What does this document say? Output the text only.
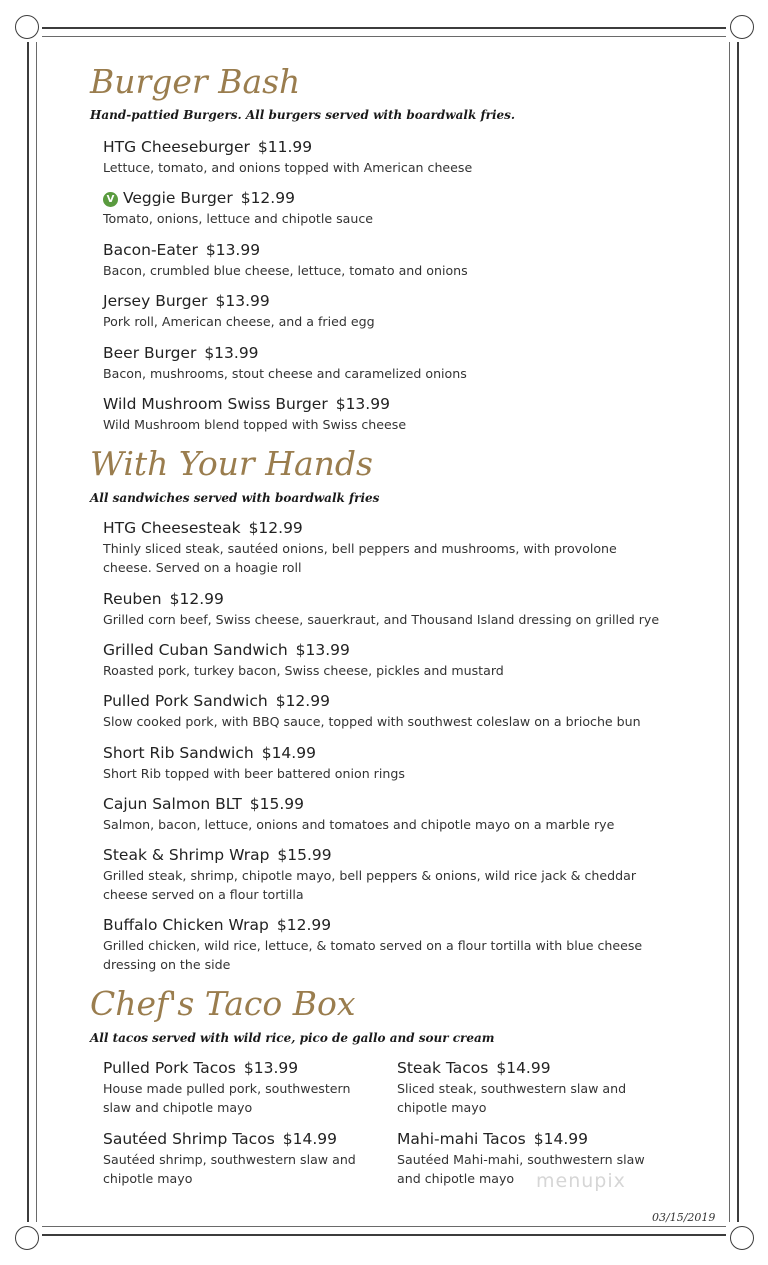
Burger Bash
Hand-pattied Burgers. All burgers served with boardwalk fries.
HTG Cheeseburger $11.99
Lettuce, tomato, and onions topped with American cheese
V Veggie Burger $12.99
Tomato, onions, lettuce and chipotle sauce
Bacon-Eater $13.99
Bacon, crumbled blue cheese, lettuce, tomato and onions
Jersey Burger $13.99
Pork roll, American cheese, and a fried egg
Beer Burger $13.99
Bacon, mushrooms, stout cheese and caramelized onions
Wild Mushroom Swiss Burger $13.99
Wild Mushroom blend topped with Swiss cheese
With Your Hands
All sandwiches served with boardwalk fries
HTG Cheesesteak $12.99
Thinly sliced steak, sautéed onions, bell peppers and mushrooms, with provolone
cheese. Served on a hoagie roll
Reuben $12.99
Grilled corn beef, Swiss cheese, sauerkraut, and Thousand Island dressing on grilled rye
Grilled Cuban Sandwich $13.99
Roasted pork, turkey bacon, Swiss cheese, pickles and mustard
Pulled Pork Sandwich $12.99
Slow cooked pork, with BBQ sauce, topped with southwest coleslaw on a brioche bun
Short Rib Sandwich $14.99
Short Rib topped with beer battered onion rings
Cajun Salmon BLT $15.99
Salmon, bacon, lettuce, onions and tomatoes and chipotle mayo on a marble rye
Steak & Shrimp Wrap $15.99
Grilled steak, shrimp, chipotle mayo, bell peppers & onions, wild rice jack & cheddar
cheese served on a flour tortilla
Buffalo Chicken Wrap $12.99
Grilled chicken, wild rice, lettuce, & tomato served on a flour tortilla with blue cheese
dressing on the side
Chef's Taco Box
All tacos served with wild rice, pico de gallo and sour cream
Pulled Pork Tacos $13.99
House made pulled pork, southwestern
slaw and chipotle mayo
Steak Tacos $14.99
Sliced steak, southwestern slaw and
chipotle mayo
Sautéed Shrimp Tacos $14.99
Sautéed shrimp, southwestern slaw and
chipotle mayo
Mahi-mahi Tacos $14.99
Sautéed Mahi-mahi, southwestern slaw
and chipotle mayo	menupix
03/15/2019
